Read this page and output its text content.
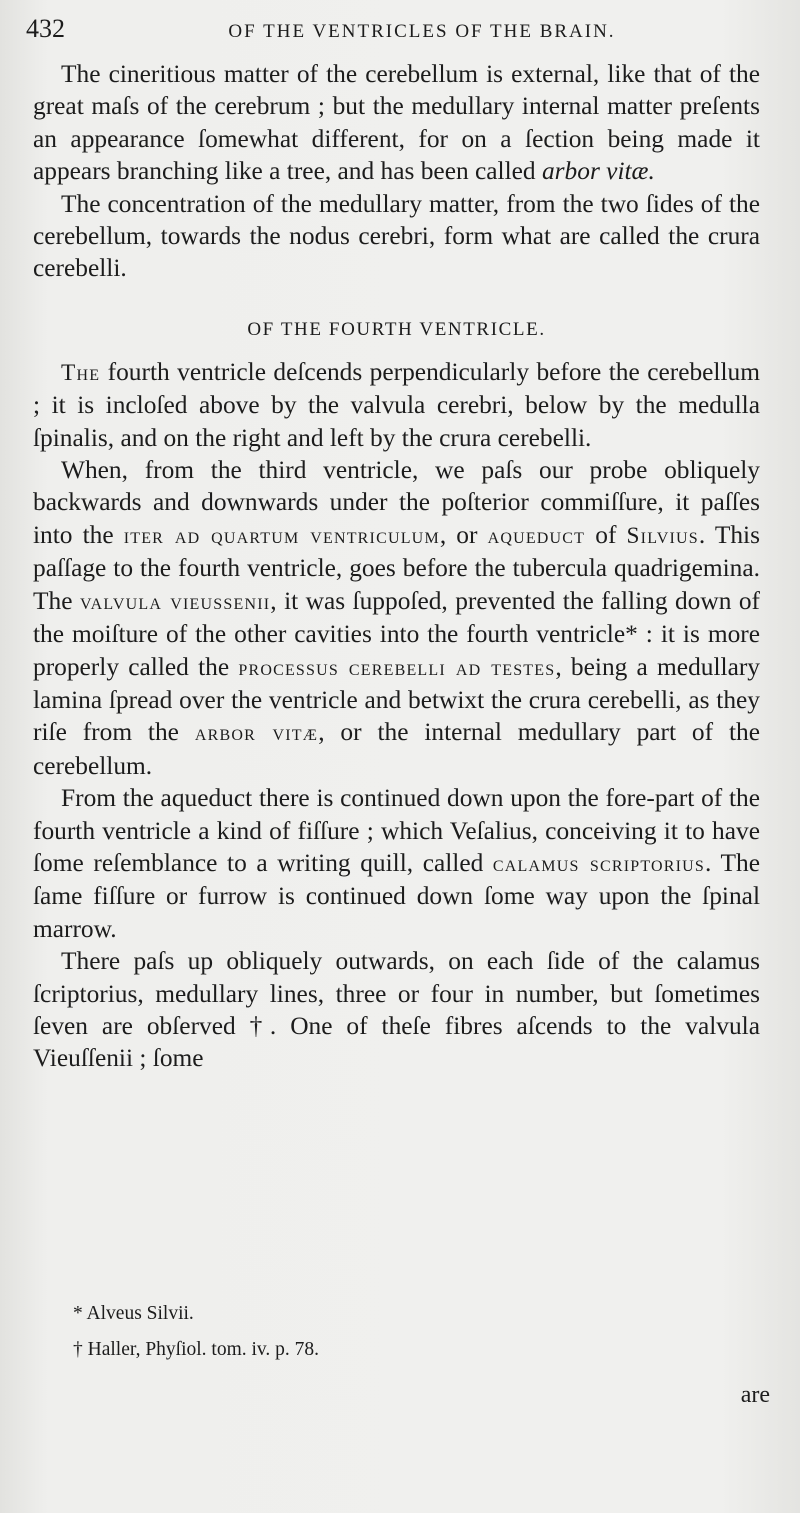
432	OF THE VENTRICLES OF THE BRAIN.

The cineritious matter of the cerebellum is external, like that of the great maſs of the cerebrum ; but the medullary internal matter preſents an appearance ſomewhat different, for on a ſection being made it appears branching like a tree, and has been called arbor vitæ.

The concentration of the medullary matter, from the two ſides of the cerebellum, towards the nodus cerebri, form what are called the crura cerebelli.

OF THE FOURTH VENTRICLE.

The fourth ventricle deſcends perpendicularly before the cerebellum ; it is incloſed above by the valvula cerebri, below by the medulla ſpinalis, and on the right and left by the crura cerebelli.

When, from the third ventricle, we paſs our probe obliquely backwards and downwards under the poſterior commiſſure, it paſſes into the iter ad quartum ventriculum, or aqueduct of Silvius. This paſſage to the fourth ventricle, goes before the tubercula quadrigemina. The valvula vieussenii, it was ſuppoſed, prevented the falling down of the moiſture of the other cavities into the fourth ventricle* : it is more properly called the processus cerebelli ad testes, being a medullary lamina ſpread over the ventricle and betwixt the crura cerebelli, as they riſe from the arbor vitæ, or the internal medullary part of the cerebellum.

From the aqueduct there is continued down upon the fore-part of the fourth ventricle a kind of fiſſure ; which Veſalius, conceiving it to have ſome reſemblance to a writing quill, called calamus scriptorius. The ſame fiſſure or furrow is continued down ſome way upon the ſpinal marrow.

There paſs up obliquely outwards, on each ſide of the calamus ſcriptorius, medullary lines, three or four in number, but ſometimes ſeven are obſerved †. One of theſe fibres aſcends to the valvula Vieuſſenii ; ſome

* Alveus Silvii.

† Haller, Phyſiol. tom. iv. p. 78.

are
